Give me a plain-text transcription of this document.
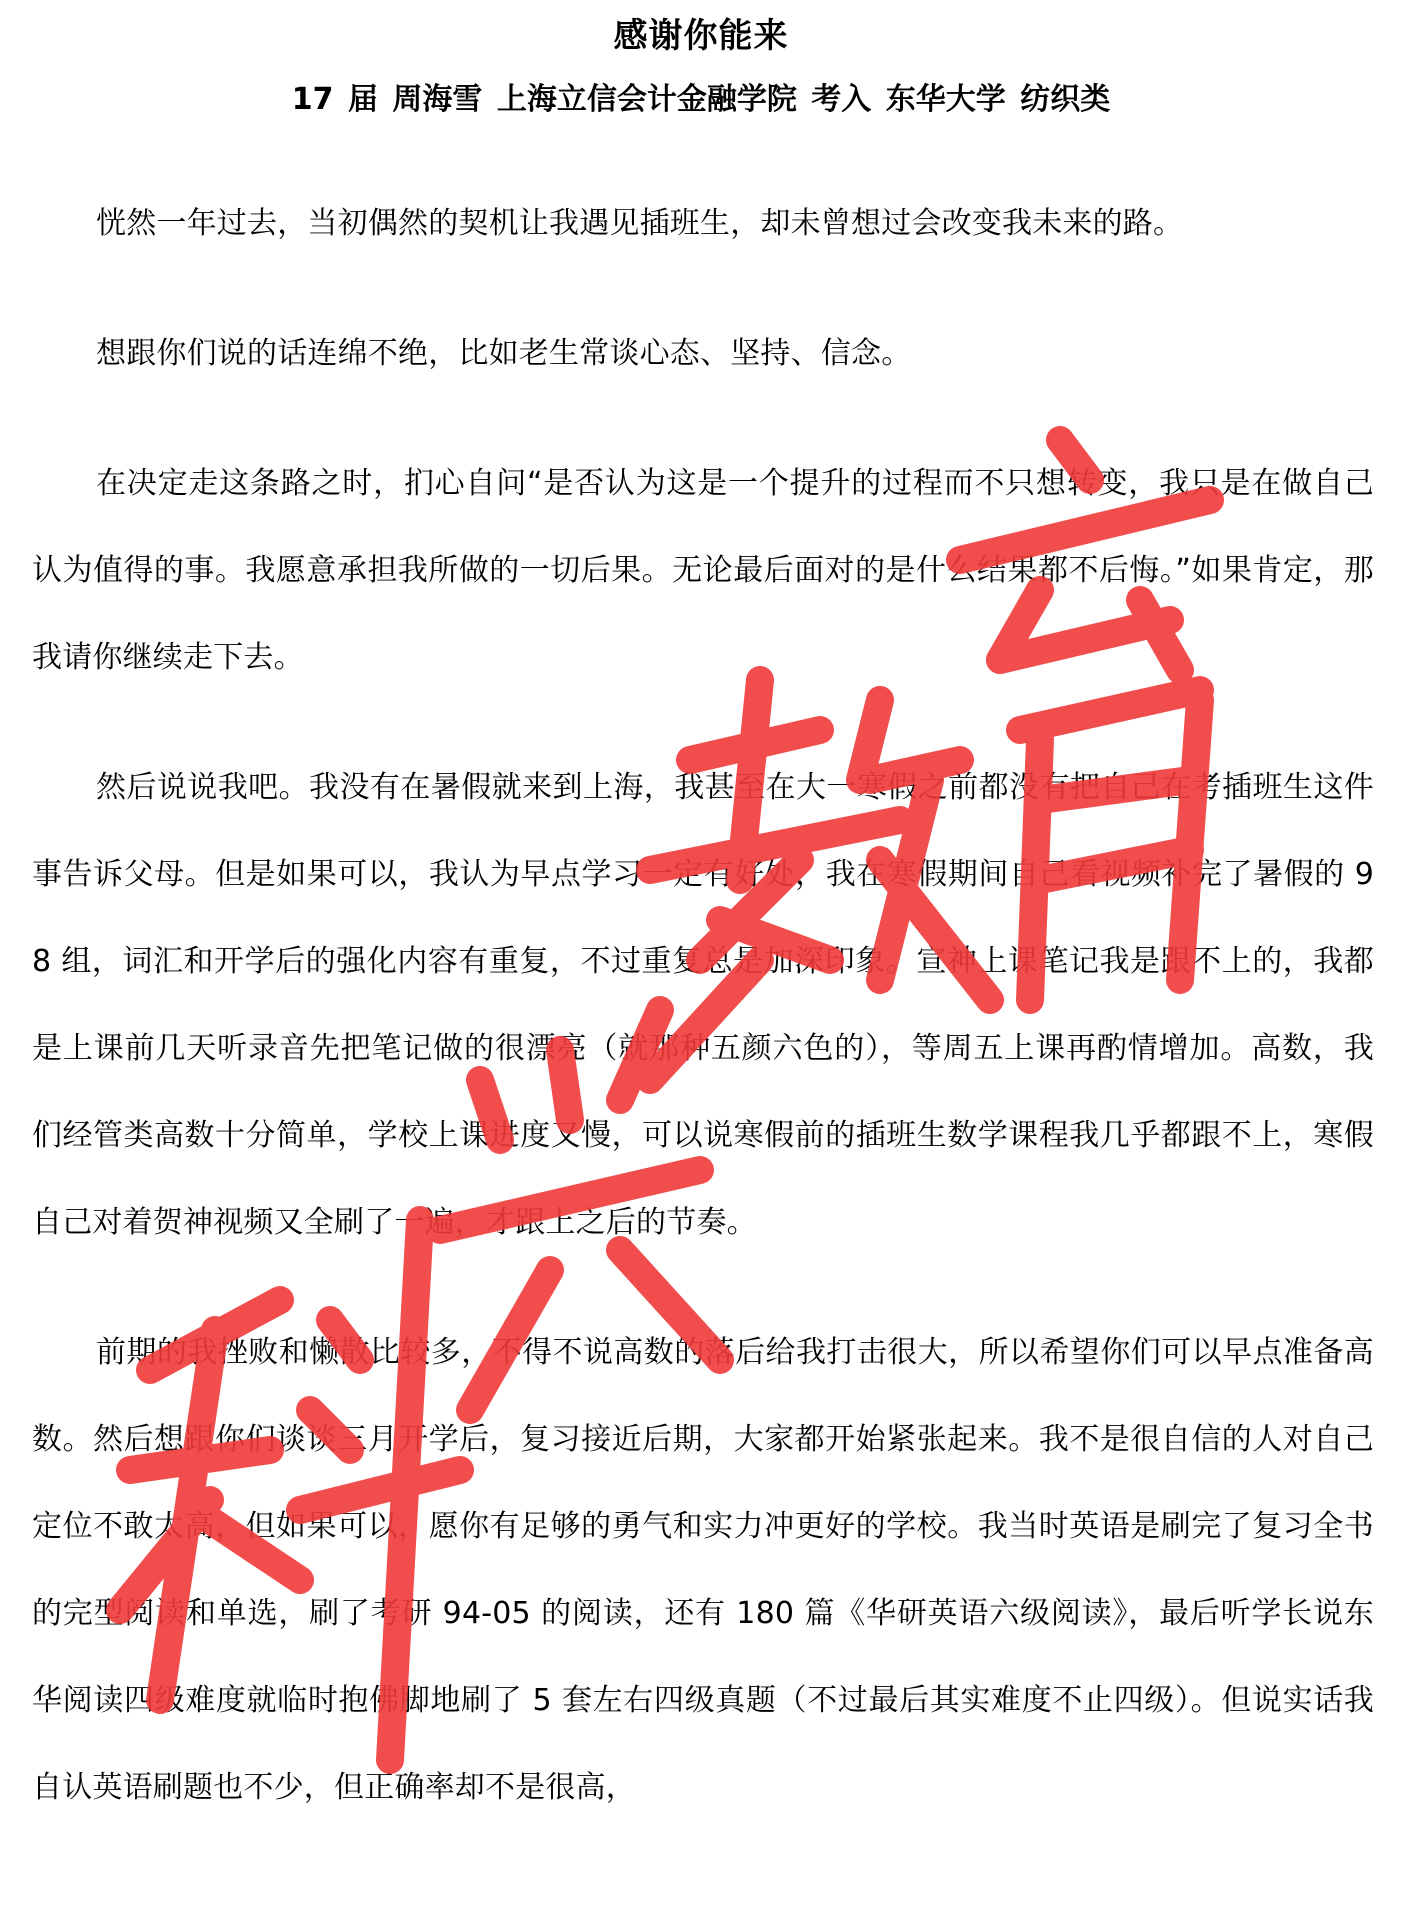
感谢你能来
17 届 周海雪 上海立信会计金融学院 考入 东华大学 纺织类

恍然一年过去，当初偶然的契机让我遇见插班生，却未曾想过会改变我未来的路。

想跟你们说的话连绵不绝，比如老生常谈心态、坚持、信念。

在决定走这条路之时，扪心自问“是否认为这是一个提升的过程而不只想转变，我只是在做自己认为值得的事。我愿意承担我所做的一切后果。无论最后面对的是什么结果都不后悔。”如果肯定，那我请你继续走下去。

然后说说我吧。我没有在暑假就来到上海，我甚至在大一寒假之前都没有把自己在考插班生这件事告诉父母。但是如果可以，我认为早点学习一定有好处，我在寒假期间自己看视频补完了暑假的 98 组，词汇和开学后的强化内容有重复，不过重复总是加深印象。宣神上课笔记我是跟不上的，我都是上课前几天听录音先把笔记做的很漂亮（就那种五颜六色的），等周五上课再酌情增加。高数，我们经管类高数十分简单，学校上课进度又慢，可以说寒假前的插班生数学课程我几乎都跟不上，寒假自己对着贺神视频又全刷了一遍，才跟上之后的节奏。

前期的我挫败和懒散比较多，不得不说高数的落后给我打击很大，所以希望你们可以早点准备高数。然后想跟你们谈谈三月开学后，复习接近后期，大家都开始紧张起来。我不是很自信的人对自己定位不敢太高，但如果可以，愿你有足够的勇气和实力冲更好的学校。我当时英语是刷完了复习全书的完型阅读和单选，刷了考研 94-05 的阅读，还有 180 篇《华研英语六级阅读》，最后听学长说东华阅读四级难度就临时抱佛脚地刷了 5 套左右四级真题（不过最后其实难度不止四级）。但说实话我自认英语刷题也不少，但正确率却不是很高，
